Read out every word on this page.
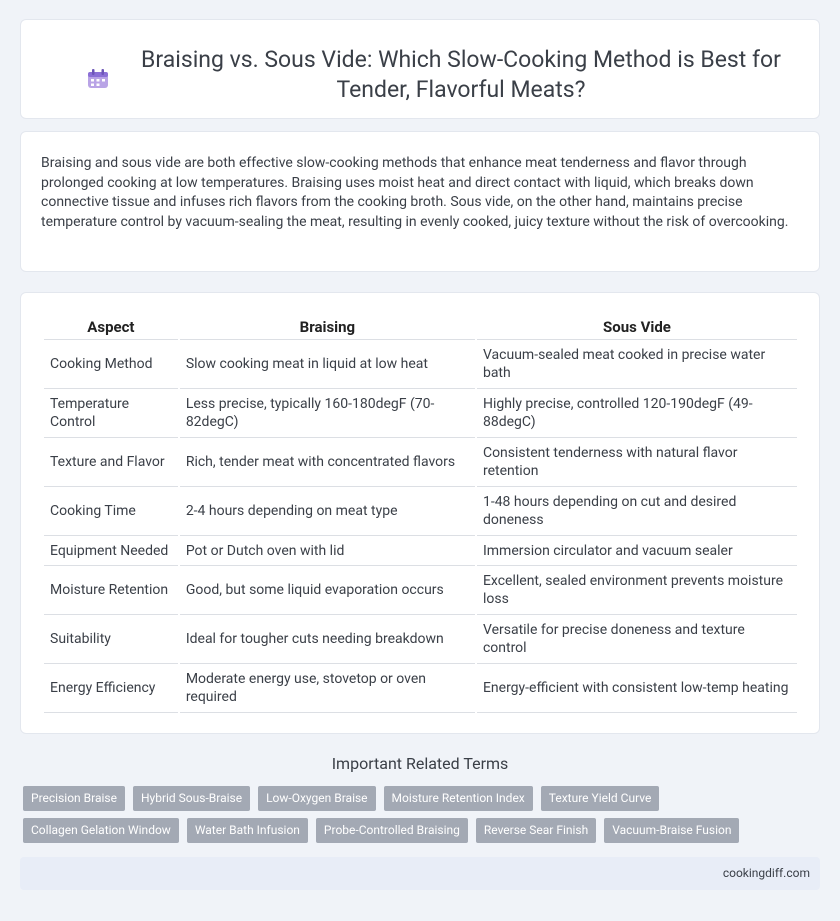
Braising vs. Sous Vide: Which Slow-Cooking Method is Best for Tender, Flavorful Meats?

Braising and sous vide are both effective slow-cooking methods that enhance meat tenderness and flavor through prolonged cooking at low temperatures. Braising uses moist heat and direct contact with liquid, which breaks down connective tissue and infuses rich flavors from the cooking broth. Sous vide, on the other hand, maintains precise temperature control by vacuum-sealing the meat, resulting in evenly cooked, juicy texture without the risk of overcooking.

Aspect	Braising	Sous Vide
Cooking Method	Slow cooking meat in liquid at low heat	Vacuum-sealed meat cooked in precise water bath
Temperature Control	Less precise, typically 160-180degF (70-82degC)	Highly precise, controlled 120-190degF (49-88degC)
Texture and Flavor	Rich, tender meat with concentrated flavors	Consistent tenderness with natural flavor retention
Cooking Time	2-4 hours depending on meat type	1-48 hours depending on cut and desired doneness
Equipment Needed	Pot or Dutch oven with lid	Immersion circulator and vacuum sealer
Moisture Retention	Good, but some liquid evaporation occurs	Excellent, sealed environment prevents moisture loss
Suitability	Ideal for tougher cuts needing breakdown	Versatile for precise doneness and texture control
Energy Efficiency	Moderate energy use, stovetop or oven required	Energy-efficient with consistent low-temp heating
Important Related Terms
Precision Braise	Hybrid Sous-Braise	Low-Oxygen Braise	Moisture Retention Index	Texture Yield Curve
Collagen Gelation Window	Water Bath Infusion	Probe-Controlled Braising	Reverse Sear Finish	Vacuum-Braise Fusion
cookingdiff.com
